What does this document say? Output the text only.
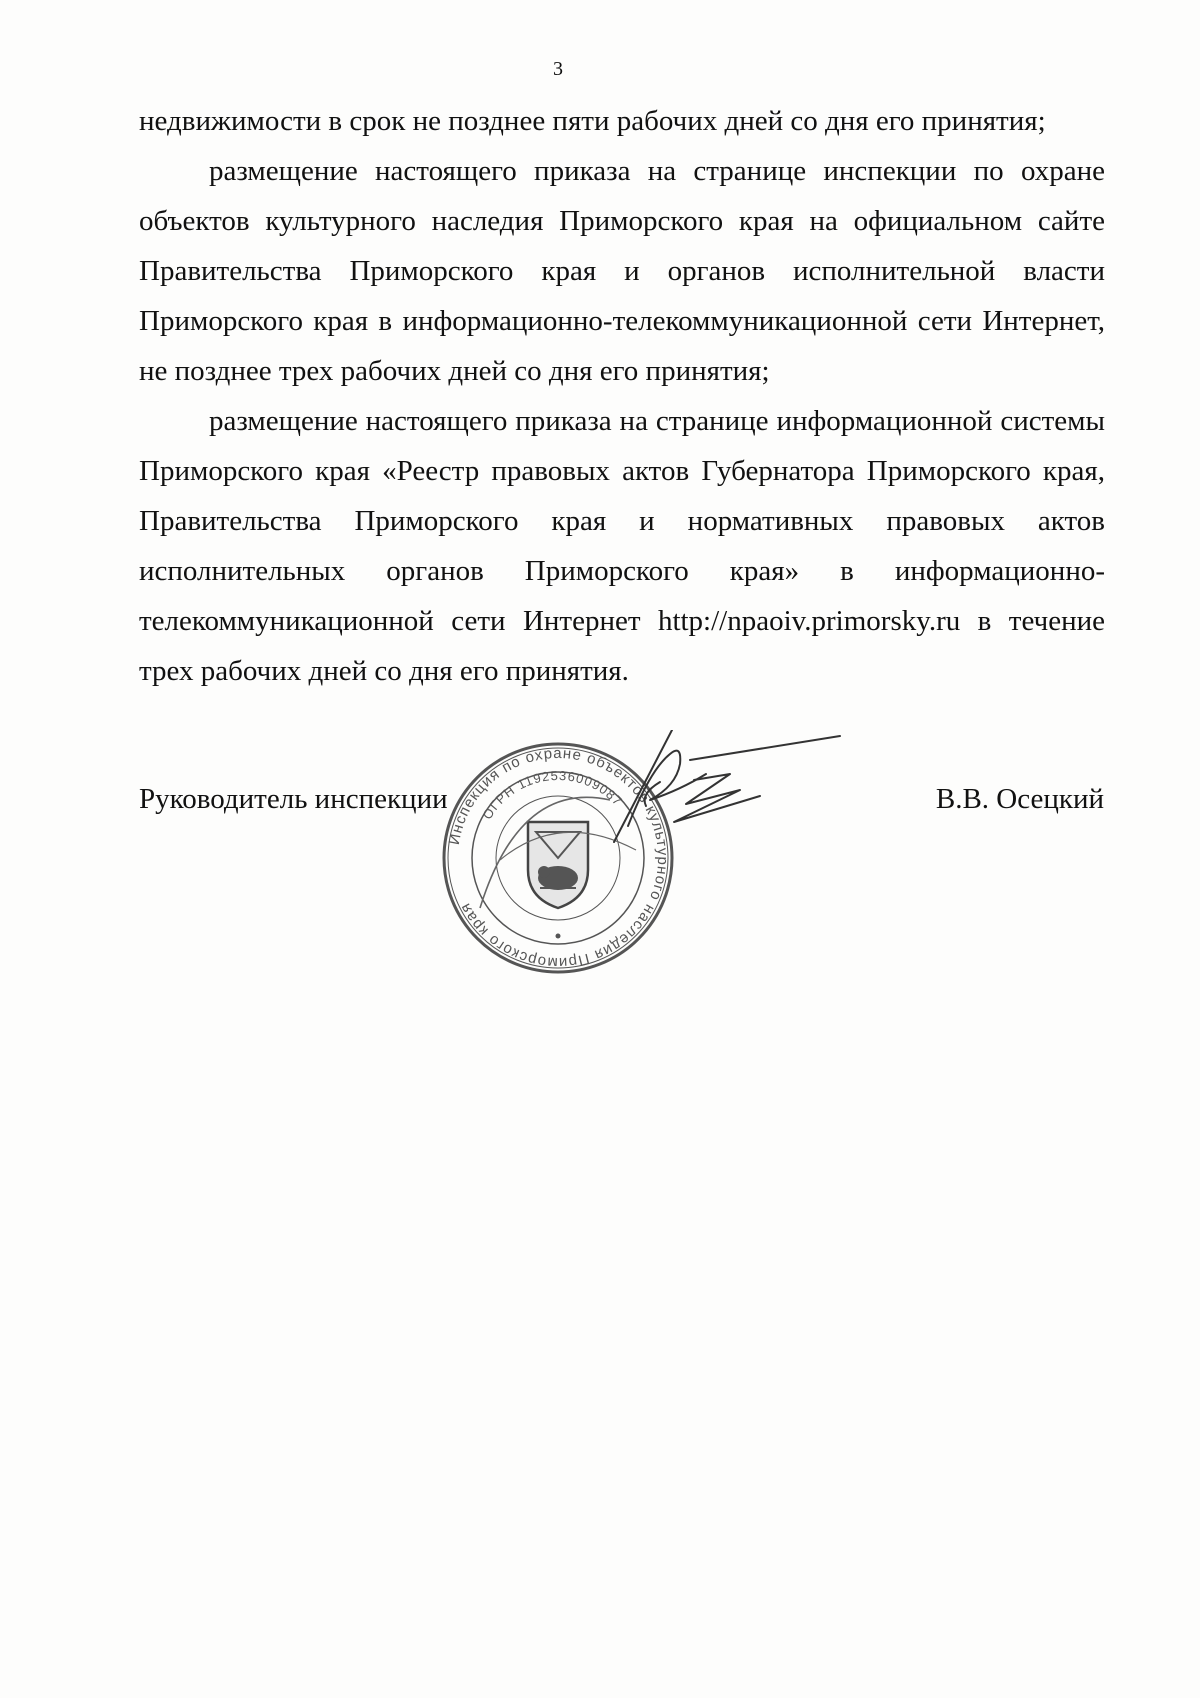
3

недвижимости в срок не позднее пяти рабочих дней со дня его принятия;

размещение настоящего приказа на странице инспекции по охране объектов культурного наследия Приморского края на официальном сайте Правительства Приморского края и органов исполнительной власти Приморского края в информационно-телекоммуникационной сети Интернет, не позднее трех рабочих дней со дня его принятия;

размещение настоящего приказа на странице информационной системы Приморского края «Реестр правовых актов Губернатора Приморского края, Правительства Приморского края и нормативных правовых актов исполнительных органов Приморского края» в информационно-телекоммуникационной сети Интернет http://npaoiv.primorsky.ru в течение трех рабочих дней со дня его принятия.

Руководитель инспекции	В.В. Осецкий

Инспекция по охране объектов культурного наследия Приморского края
ОГРН 1192536009087
